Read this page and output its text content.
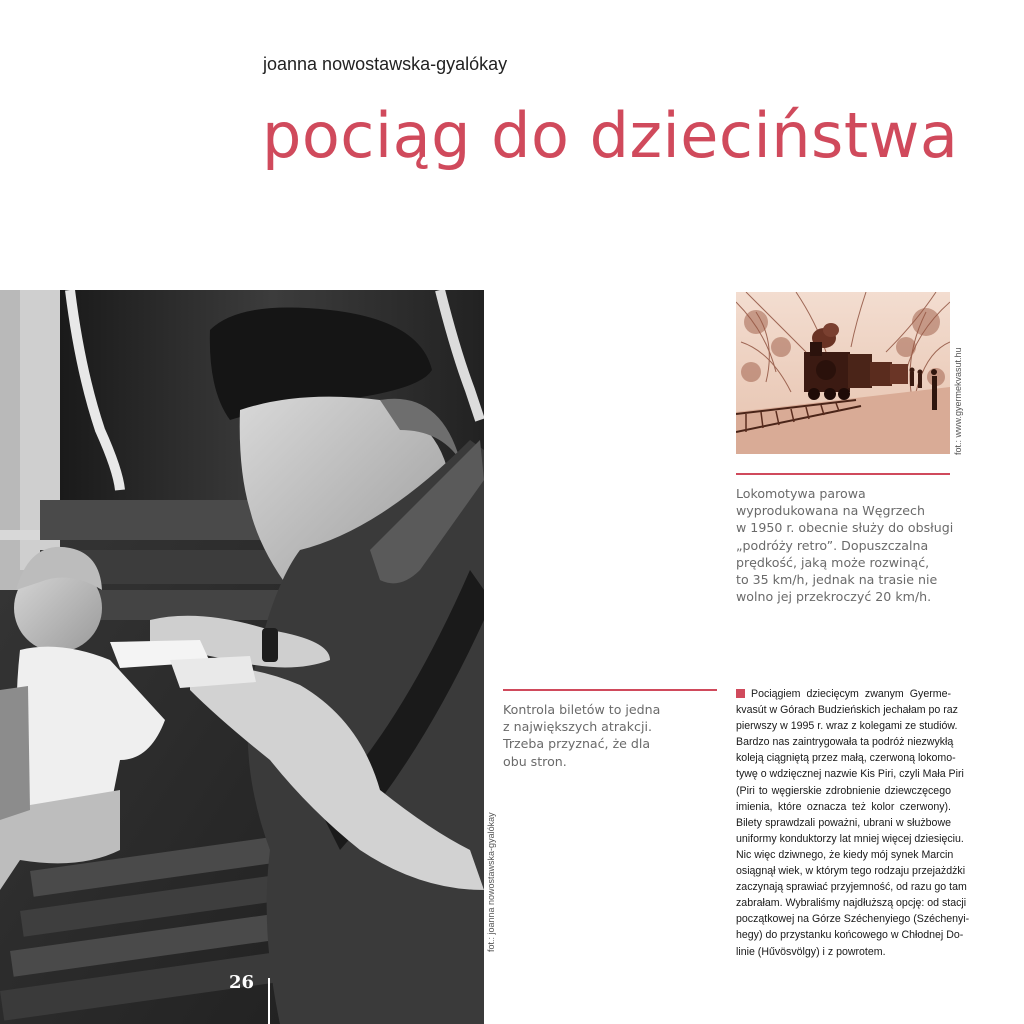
joanna nowostawska-gyalókay
pociąg do dzieciństwa
fot.: joanna nowostawska-gyalókay
26
fot.: www.gyermekvasut.hu
Lokomotywa parowa
wyprodukowana na Węgrzech
w 1950 r. obecnie służy do obsługi
„podróży retro”. Dopuszczalna
prędkość, jaką może rozwinąć,
to 35 km/h, jednak na trasie nie
wolno jej przekroczyć 20 km/h.
Kontrola biletów to jedna
z największych atrakcji.
Trzeba przyznać, że dla
obu stron.
Pociągiem dziecięcym zwanym Gyerme-
kvasút w Górach Budzieńskich jechałam po raz
pierwszy w 1995 r. wraz z kolegami ze studiów.
Bardzo nas zaintrygowała ta podróż niezwykłą
koleją ciągniętą przez małą, czerwoną lokomo-
tywę o wdzięcznej nazwie Kis Piri, czyli Mała Piri
(Piri to węgierskie zdrobnienie dziewczęcego
imienia, które oznacza też kolor czerwony).
Bilety sprawdzali poważni, ubrani w służbowe
uniformy konduktorzy lat mniej więcej dziesięciu.
Nic więc dziwnego, że kiedy mój synek Marcin
osiągnął wiek, w którym tego rodzaju przejażdżki
zaczynają sprawiać przyjemność, od razu go tam
zabrałam. Wybraliśmy najdłuższą opcję: od stacji
początkowej na Górze Széchenyiego (Széchenyi-
hegy) do przystanku końcowego w Chłodnej Do-
linie (Hűvösvölgy) i z powrotem.
